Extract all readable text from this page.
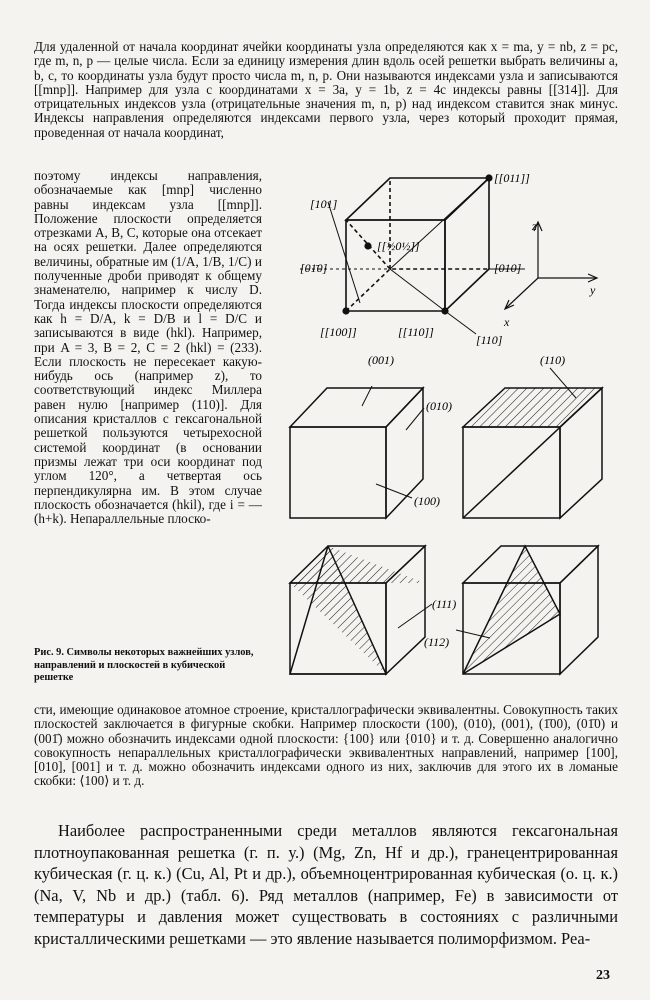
Для удаленной от начала координат ячейки координаты узла определяются как x = ma, y = nb, z = pc, где m, n, p — целые числа. Если за единицу измерения длин вдоль осей решетки выбрать величины a, b, c, то координаты узла будут просто числа m, n, p. Они называются индексами узла и записываются [[mnp]]. Например для узла с координатами x = 3a, y = 1b, z = 4c индексы равны [[314]]. Для отрицательных индексов узла (отрицательные значения m, n, p) над индексом ставится знак минус. Индексы направления определяются индексами первого узла, через который проходит прямая, проведенная от начала координат,

поэтому индексы направления, обозначаемые как [mnp] численно равны индексам узла [[mnp]]. Положение плоскости определяется отрезками A, B, C, которые она отсекает на осях решетки. Далее определяются величины, обратные им (1/A, 1/B, 1/C) и полученные дроби приводят к общему знаменателю, например к числу D. Тогда индексы плоскости определяются как h = D/A, k = D/B и l = D/C и записываются в виде (hkl). Например, при A = 3, B = 2, C = 2 (hkl) = (233). Если плоскость не пересекает какую-нибудь ось (например z), то соответствующий индекс Миллера равен нулю [например (110)]. Для описания кристаллов с гексагональной решеткой пользуются четырехосной системой координат (в основании призмы лежат три оси координат под углом 120°, а четвертая ось перпендикулярна им. В этом случае плоскость обозначается (hkil), где i = —(h+k). Непараллельные плоско-

Рис. 9. Символы некоторых важнейших узлов, направлений и плоскостей в кубической решетке

[101]
[[011]]
[[½0½]]
[01̄0]	[010]
[[100]]	[[110]]
[110]
z
y
x
(001)
(010)
(100)
(110)
(111)
(112)

сти, имеющие одинаковое атомное строение, кристаллографически эквивалентны. Совокупность таких плоскостей заключается в фигурные скобки. Например плоскости (100), (010), (001), (1̄00), (01̄0) и (001̄) можно обозначить индексами одной плоскости: {100} или {010} и т. д. Совершенно аналогично совокупность непараллельных кристаллографически эквивалентных направлений, например [100], [010], [001] и т. д. можно обозначить индексами одного из них, заключив для этого их в ломаные скобки: ⟨100⟩ и т. д.

Наиболее распространенными среди металлов являются гексагональная плотноупакованная решетка (г. п. у.) (Mg, Zn, Hf и др.), гранецентрированная кубическая (г. ц. к.) (Cu, Al, Pt и др.), объемноцентрированная кубическая (о. ц. к.) (Na, V, Nb и др.) (табл. 6). Ряд металлов (например, Fe) в зависимости от температуры и давления может существовать в состояниях с различными кристаллическими решетками — это явление называется полиморфизмом. Реа-

23
